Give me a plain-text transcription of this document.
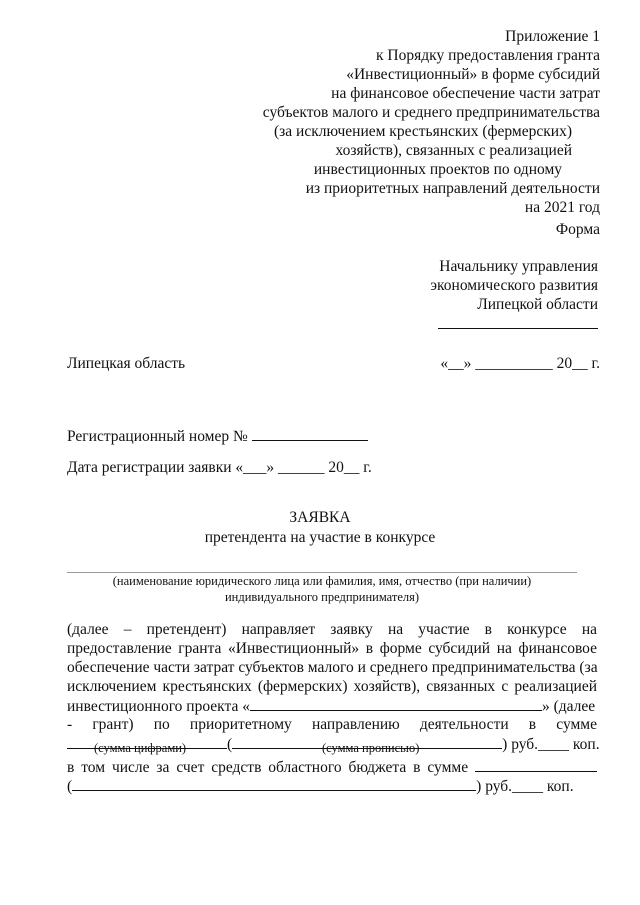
Приложение 1
к Порядку предоставления гранта
«Инвестиционный» в форме субсидий
на финансовое обеспечение части затрат
субъектов малого и среднего предпринимательства
(за исключением крестьянских (фермерских)
хозяйств), связанных с реализацией
инвестиционных проектов по одному
из приоритетных направлений деятельности
на 2021 год
Форма
Начальнику управления
экономического развития
Липецкой области
Липецкая область	«__» __________ 20__ г.
Регистрационный номер №
Дата регистрации заявки «___» ______ 20__ г.
ЗАЯВКА
претендента на участие в конкурсе
(наименование юридического лица или фамилия, имя, отчество (при наличии)
индивидуального предпринимателя)
(далее – претендент) направляет заявку на участие в конкурсе на
предоставление гранта «Инвестиционный» в форме субсидий на финансовое
обеспечение части затрат субъектов малого и среднего предпринимательства (за
исключением крестьянских (фермерских) хозяйств), связанных с реализацией
инвестиционного проекта «	» (далее
- грант) по приоритетному направлению деятельности в сумме
(	) руб.____ коп.
(сумма цифрами)	(сумма прописью)
в том числе за счет средств областного бюджета в сумме
(	) руб.____ коп.
